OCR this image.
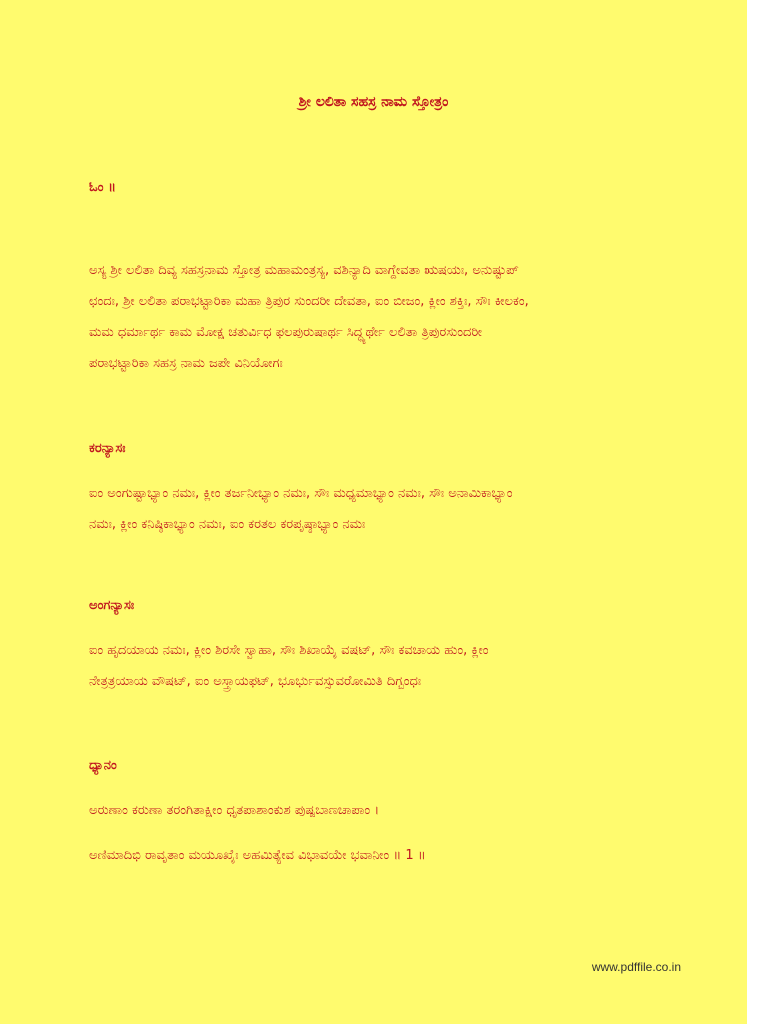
ಶ್ರೀ ಲಲಿತಾ ಸಹಸ್ರ ನಾಮ ಸ್ತೋತ್ರಂ
ಓಂ ॥
ಅಸ್ಯ ಶ್ರೀ ಲಲಿತಾ ದಿವ್ಯ ಸಹಸ್ರನಾಮ ಸ್ತೋತ್ರ ಮಹಾಮಂತ್ರಸ್ಯ, ವಶಿನ್ಯಾದಿ ವಾಗ್ದೇವತಾ ಋಷಯಃ, ಅನುಷ್ಟುಪ್
ಛಂದಃ, ಶ್ರೀ ಲಲಿತಾ ಪರಾಭಟ್ಟಾರಿಕಾ ಮಹಾ ತ್ರಿಪುರ ಸುಂದರೀ ದೇವತಾ, ಐಂ ಬೀಜಂ, ಕ್ಲೀಂ ಶಕ್ತಿಃ, ಸೌಃ ಕೀಲಕಂ,
ಮಮ ಧರ್ಮಾರ್ಥ ಕಾಮ ಮೋಕ್ಷ ಚತುರ್ವಿಧ ಫಲಪುರುಷಾರ್ಥ ಸಿದ್ಧ್ಯರ್ಥೇ ಲಲಿತಾ ತ್ರಿಪುರಸುಂದರೀ
ಪರಾಭಟ್ಟಾರಿಕಾ ಸಹಸ್ರ ನಾಮ ಜಪೇ ವಿನಿಯೋಗಃ
ಕರನ್ಯಾಸಃ
ಐಂ ಅಂಗುಷ್ಟಾಭ್ಯಾಂ ನಮಃ, ಕ್ಲೀಂ ತರ್ಜನೀಭ್ಯಾಂ ನಮಃ, ಸೌಃ ಮಧ್ಯಮಾಭ್ಯಾಂ ನಮಃ, ಸೌಃ ಅನಾಮಿಕಾಭ್ಯಾಂ
ನಮಃ, ಕ್ಲೀಂ ಕನಿಷ್ಠಿಕಾಭ್ಯಾಂ ನಮಃ, ಐಂ ಕರತಲ ಕರಪೃಷ್ಠಾಭ್ಯಾಂ ನಮಃ
ಅಂಗನ್ಯಾಸಃ
ಐಂ ಹೃದಯಾಯ ನಮಃ, ಕ್ಲೀಂ ಶಿರಸೇ ಸ್ವಾಹಾ, ಸೌಃ ಶಿಖಾಯೈ ವಷಟ್, ಸೌಃ ಕವಚಾಯ ಹುಂ, ಕ್ಲೀಂ
ನೇತ್ರತ್ರಯಾಯ ವೌಷಟ್, ಐಂ ಅಸ್ತ್ರಾಯಫಟ್, ಭೂರ್ಭುವಸ್ಸುವರೋಮಿತಿ ದಿಗ್ಬಂಧಃ
ಧ್ಯಾನಂ
ಅರುಣಾಂ ಕರುಣಾ ತರಂಗಿತಾಕ್ಷೀಂ ಧೃತಪಾಶಾಂಕುಶ ಪುಷ್ಪಬಾಣಚಾಪಾಂ ।
ಅಣಿಮಾದಿಭಿ ರಾವೃತಾಂ ಮಯೂಖೈಃ ಅಹಮಿತ್ಯೇವ ವಿಭಾವಯೇ ಭವಾನೀಂ ॥ 1 ॥
www.pdffile.co.in
